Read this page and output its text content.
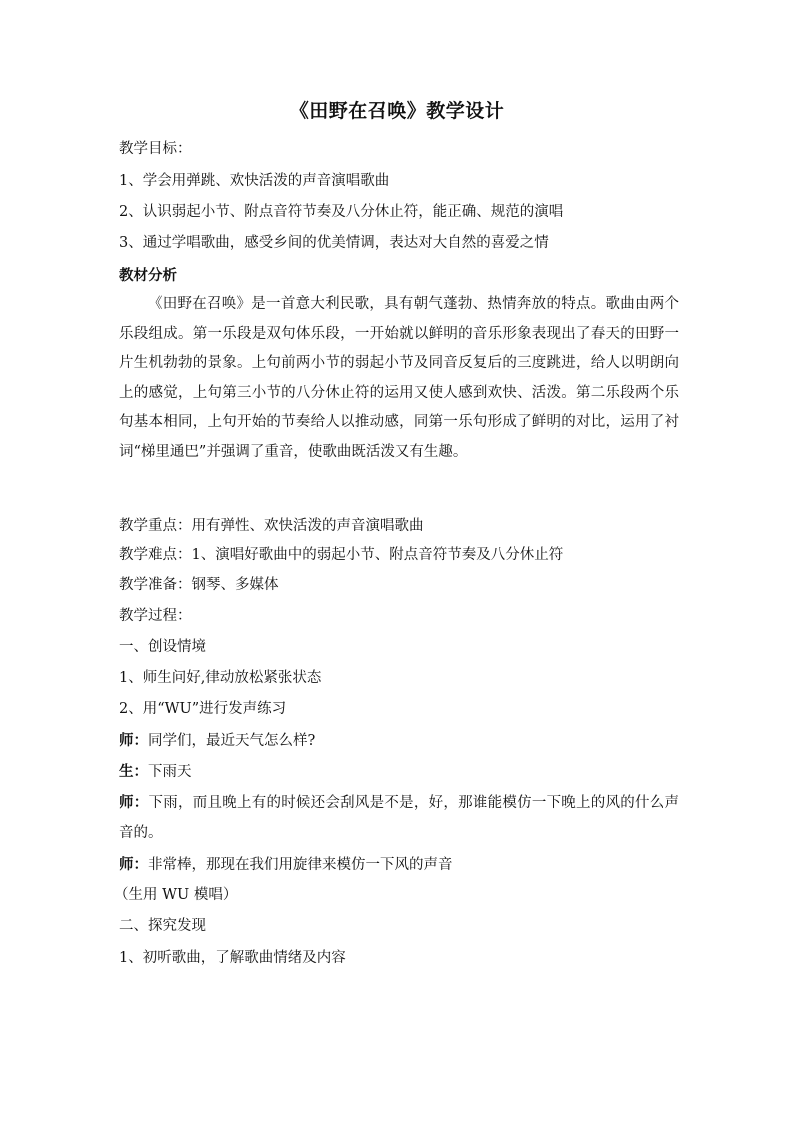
《田野在召唤》教学设计
教学目标：
1、学会用弹跳、欢快活泼的声音演唱歌曲
2、认识弱起小节、附点音符节奏及八分休止符，能正确、规范的演唱
3、通过学唱歌曲，感受乡间的优美情调，表达对大自然的喜爱之情
教材分析
《田野在召唤》是一首意大利民歌，具有朝气蓬勃、热情奔放的特点。歌曲由两个乐段组成。第一乐段是双句体乐段，一开始就以鲜明的音乐形象表现出了春天的田野一片生机勃勃的景象。上句前两小节的弱起小节及同音反复后的三度跳进，给人以明朗向上的感觉，上句第三小节的八分休止符的运用又使人感到欢快、活泼。第二乐段两个乐句基本相同，上句开始的节奏给人以推动感，同第一乐句形成了鲜明的对比，运用了衬词“梯里通巴”并强调了重音，使歌曲既活泼又有生趣。
教学重点：用有弹性、欢快活泼的声音演唱歌曲
教学难点：1、演唱好歌曲中的弱起小节、附点音符节奏及八分休止符
教学准备：钢琴、多媒体
教学过程：
一、创设情境
1、师生问好,律动放松紧张状态
2、用“WU”进行发声练习
师：同学们，最近天气怎么样?
生：下雨天
师：下雨，而且晚上有的时候还会刮风是不是，好，那谁能模仿一下晚上的风的什么声音的。
师：非常棒，那现在我们用旋律来模仿一下风的声音
（生用 WU 模唱）
二、探究发现
1、初听歌曲，了解歌曲情绪及内容
